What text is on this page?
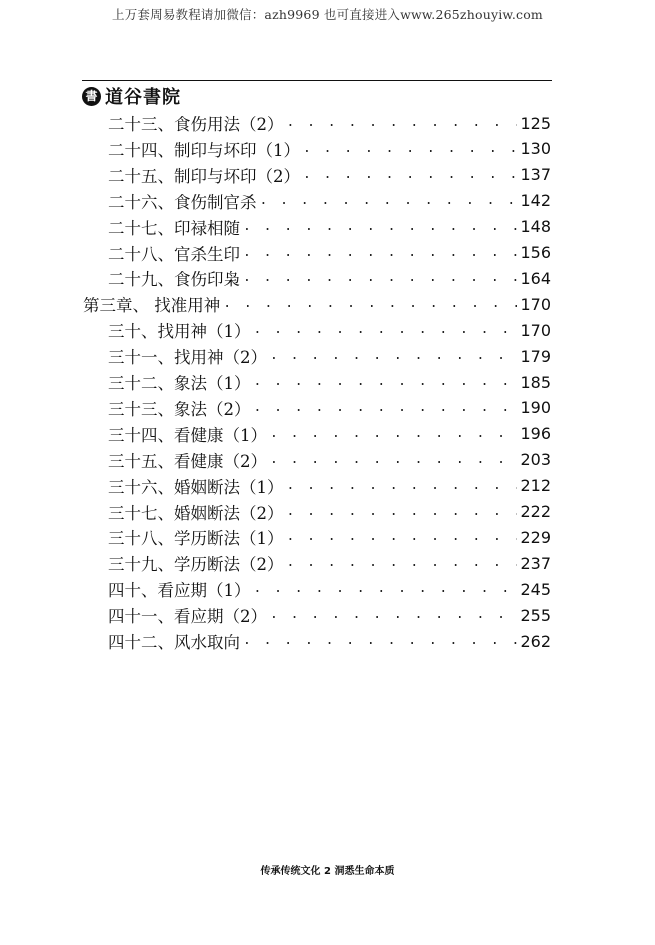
上万套周易教程请加微信：azh9969 也可直接进入www.265zhouyiw.com
書 道谷書院
二十三、食伤用法（2） . . .	125
二十四、制印与坏印（1） . . .	130
二十五、制印与坏印（2） . . .	137
二十六、食伤制官杀 . . .	142
二十七、印禄相随 . . .	148
二十八、官杀生印 . . .	156
二十九、食伤印枭 . . .	164
第三章、 找准用神 . . .	170
三十、找用神（1） . . .	170
三十一、找用神（2） . . .	179
三十二、象法（1） . . .	185
三十三、象法（2） . . .	190
三十四、看健康（1） . . .	196
三十五、看健康（2） . . .	203
三十六、婚姻断法（1） . . .	212
三十七、婚姻断法（2） . . .	222
三十八、学历断法（1） . . .	229
三十九、学历断法（2） . . .	237
四十、看应期（1） . . .	245
四十一、看应期（2） . . .	255
四十二、风水取向 . . .	262
传承传统文化 2 洞悉生命本质
